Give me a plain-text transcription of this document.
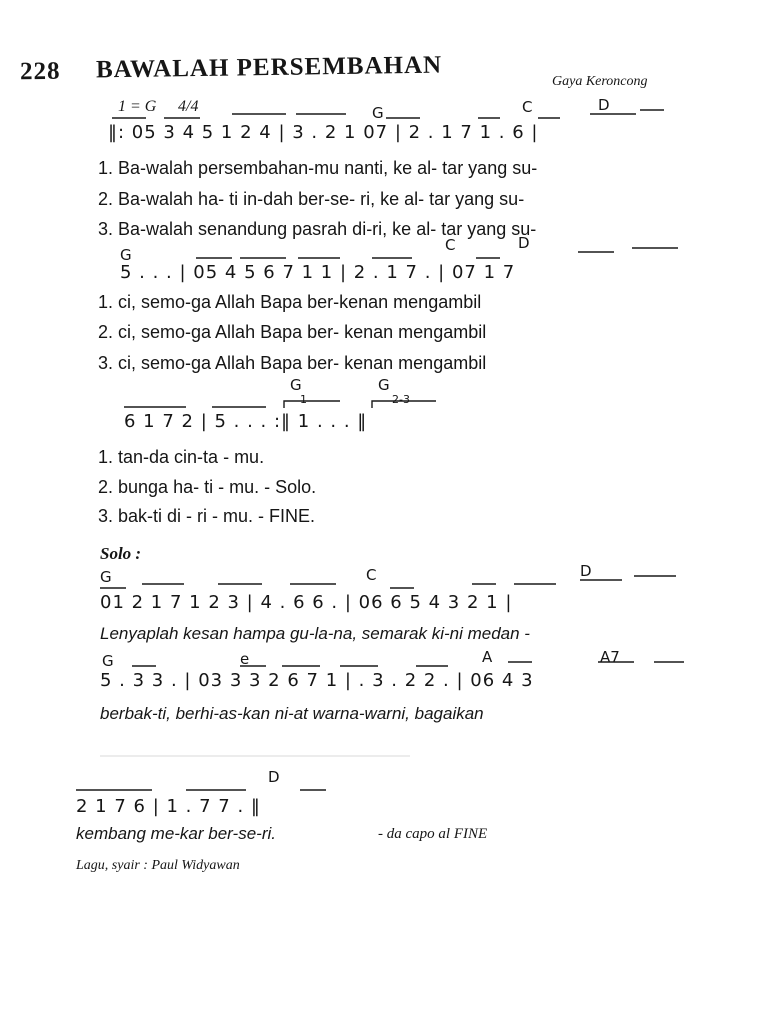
228 BAWALAH PERSEMBAHAN	Gaya Keroncong
1 = G 4/4	G	C	D
‖: 05 3 4 5 1 2 4 | 3 . 2 1 07 | 2 . 1 7 1 . 6 |
1. Ba-walah persembahan-mu nanti, ke al- tar yang su-
2. Ba-walah ha- ti in-dah ber-se- ri, ke al- tar yang su-
3. Ba-walah senandung pasrah di-ri, ke al- tar yang su-
G
C	D
5 . . . | 05 4 5 6 7 1 1 | 2 . 1 7 . | 07 1 7
1. ci, semo-ga Allah Bapa ber-kenan mengambil
2. ci, semo-ga Allah Bapa ber- kenan mengambil
3. ci, semo-ga Allah Bapa ber- kenan mengambil
G	G
1	2-3
6 1 7 2 | 5 . . . :‖ 1 . . . ‖
1. tan-da cin-ta - mu.
2. bunga ha- ti - mu. - Solo.
3. bak-ti di - ri - mu. - FINE.
Solo :
G	C	D
01 2 1 7 1 2 3 | 4 . 6 6 . | 06 6 5 4 3 2 1 |
Lenyaplah kesan hampa gu-la-na, semarak ki-ni medan -
G	e	A	A7
5 . 3 3 . | 03 3 3 2 6 7 1 | . 3 . 2 2 . | 06 4 3
berbak-ti, berhi-as-kan ni-at warna-warni, bagaikan
D
2 1 7 6 | 1 . 7 7 . ‖
kembang me-kar ber-se-ri.	- da capo al FINE
Lagu, syair : Paul Widyawan
